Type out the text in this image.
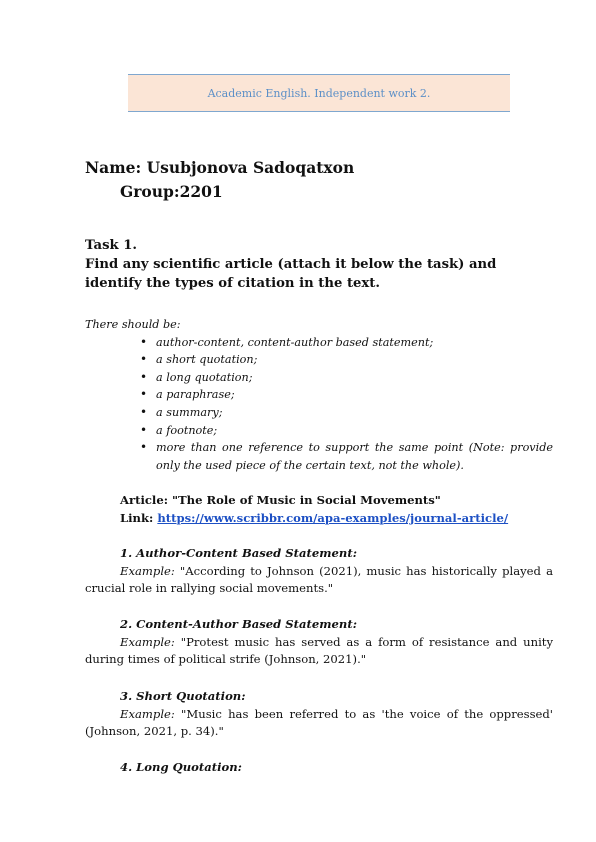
Academic English. Independent work 2.
Name: Usubjonova Sadoqatxon
Group:2201
Task 1.
Find any scientific article (attach it below the task) and identify the types of citation in the text.
There should be:
• author-content, content-author based statement;
• a short quotation;
• a long quotation;
• a paraphrase;
• a summary;
• a footnote;
• more than one reference to support the same point (Note: provide only the used piece of the certain text, not the whole).
Article: "The Role of Music in Social Movements"
Link: https://www.scribbr.com/apa-examples/journal-article/
1. Author-Content Based Statement:
Example: "According to Johnson (2021), music has historically played a crucial role in rallying social movements."
2. Content-Author Based Statement:
Example: "Protest music has served as a form of resistance and unity during times of political strife (Johnson, 2021)."
3. Short Quotation:
Example: "Music has been referred to as 'the voice of the oppressed' (Johnson, 2021, p. 34)."
4. Long Quotation:
